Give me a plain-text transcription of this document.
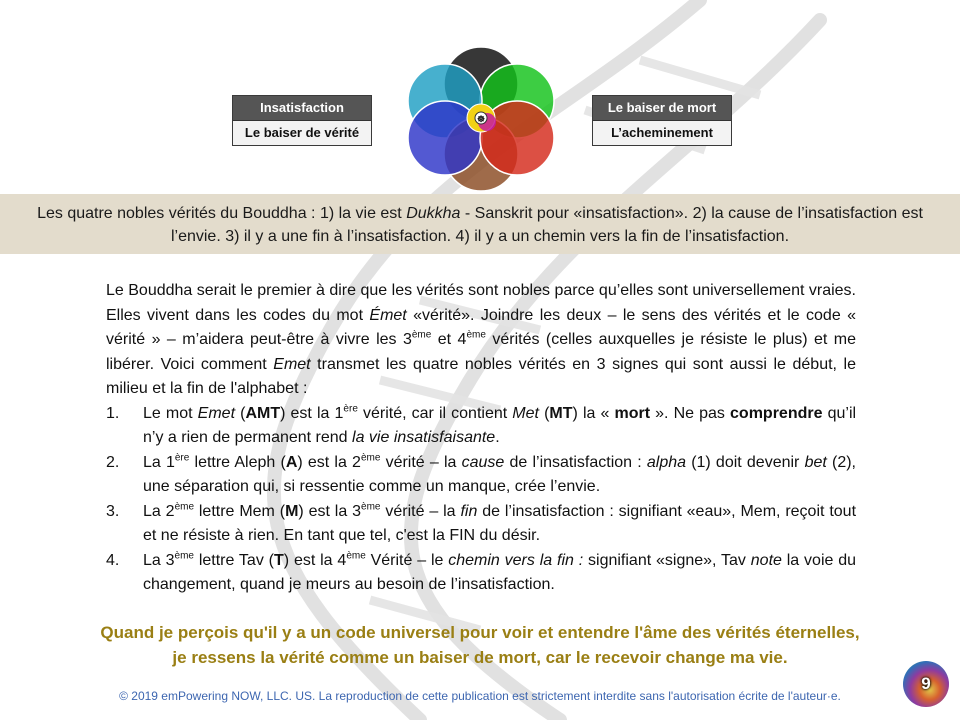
Insatisfaction
Le baiser de vérité
Le baiser de mort
L’acheminement
☸
Les quatre nobles vérités du Bouddha : 1) la vie est Dukkha - Sanskrit pour «insatisfaction». 2) la cause de l’insatisfaction est l’envie. 3) il y a une fin à l’insatisfaction. 4) il y a un chemin vers la fin de l’insatisfaction.

Le Bouddha serait le premier à dire que les vérités sont nobles parce qu’elles sont universellement vraies. Elles vivent dans les codes du mot Émet «vérité». Joindre les deux – le sens des vérités et le code « vérité » – m’aidera peut-être à vivre les 3ème et 4ème vérités (celles auxquelles je résiste le plus) et me libérer. Voici comment Emet transmet les quatre nobles vérités en 3 signes qui sont aussi le début, le milieu et la fin de l'alphabet :

1. Le mot Emet (AMT) est la 1ère vérité, car il contient Met (MT) la « mort ». Ne pas comprendre qu’il n’y a rien de permanent rend la vie insatisfaisante.
2. La 1ère lettre Aleph (A) est la 2ème vérité – la cause de l’insatisfaction : alpha (1) doit devenir bet (2), une séparation qui, si ressentie comme un manque, crée l’envie.
3. La 2ème lettre Mem (M) est la 3ème vérité – la fin de l’insatisfaction : signifiant «eau», Mem, reçoit tout et ne résiste à rien. En tant que tel, c'est la FIN du désir.
4. La 3ème lettre Tav (T) est la 4ème Vérité – le chemin vers la fin : signifiant «signe», Tav note la voie du changement, quand je meurs au besoin de l’insatisfaction.
Quand je perçois qu'il y a un code universel pour voir et entendre l'âme des vérités éternelles,
je ressens la vérité comme un baiser de mort, car le recevoir change ma vie.
© 2019 emPowering NOW, LLC. US. La reproduction de cette publication est strictement interdite sans l'autorisation écrite de l'auteur·e.
9
